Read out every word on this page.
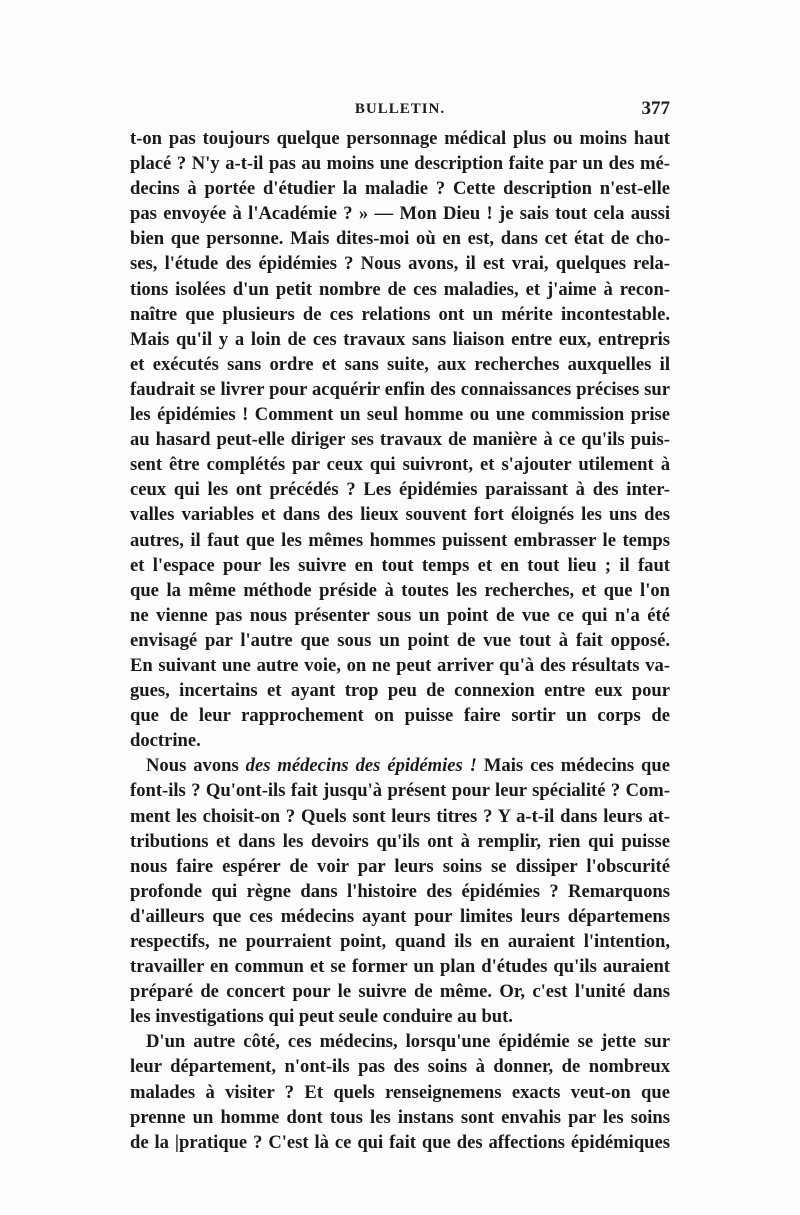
BULLETIN.	377
t-on pas toujours quelque personnage médical plus ou moins haut
placé ? N'y a-t-il pas au moins une description faite par un des mé-
decins à portée d'étudier la maladie ? Cette description n'est-elle
pas envoyée à l'Académie ? » — Mon Dieu ! je sais tout cela aussi
bien que personne. Mais dites-moi où en est, dans cet état de cho-
ses, l'étude des épidémies ? Nous avons, il est vrai, quelques rela-
tions isolées d'un petit nombre de ces maladies, et j'aime à recon-
naître que plusieurs de ces relations ont un mérite incontestable.
Mais qu'il y a loin de ces travaux sans liaison entre eux, entrepris
et exécutés sans ordre et sans suite, aux recherches auxquelles il
faudrait se livrer pour acquérir enfin des connaissances précises sur
les épidémies ! Comment un seul homme ou une commission prise
au hasard peut-elle diriger ses travaux de manière à ce qu'ils puis-
sent être complétés par ceux qui suivront, et s'ajouter utilement à
ceux qui les ont précédés ? Les épidémies paraissant à des inter-
valles variables et dans des lieux souvent fort éloignés les uns des
autres, il faut que les mêmes hommes puissent embrasser le temps
et l'espace pour les suivre en tout temps et en tout lieu ; il faut
que la même méthode préside à toutes les recherches, et que l'on
ne vienne pas nous présenter sous un point de vue ce qui n'a été
envisagé par l'autre que sous un point de vue tout à fait opposé.
En suivant une autre voie, on ne peut arriver qu'à des résultats va-
gues, incertains et ayant trop peu de connexion entre eux pour
que de leur rapprochement on puisse faire sortir un corps de
doctrine.
Nous avons des médecins des épidémies ! Mais ces médecins que
font-ils ? Qu'ont-ils fait jusqu'à présent pour leur spécialité ? Com-
ment les choisit-on ? Quels sont leurs titres ? Y a-t-il dans leurs at-
tributions et dans les devoirs qu'ils ont à remplir, rien qui puisse
nous faire espérer de voir par leurs soins se dissiper l'obscurité
profonde qui règne dans l'histoire des épidémies ? Remarquons
d'ailleurs que ces médecins ayant pour limites leurs départemens
respectifs, ne pourraient point, quand ils en auraient l'intention,
travailler en commun et se former un plan d'études qu'ils auraient
préparé de concert pour le suivre de même. Or, c'est l'unité dans
les investigations qui peut seule conduire au but.
D'un autre côté, ces médecins, lorsqu'une épidémie se jette sur
leur département, n'ont-ils pas des soins à donner, de nombreux
malades à visiter ? Et quels renseignemens exacts veut-on que
prenne un homme dont tous les instans sont envahis par les soins
de la |pratique ? C'est là ce qui fait que des affections épidémiques
